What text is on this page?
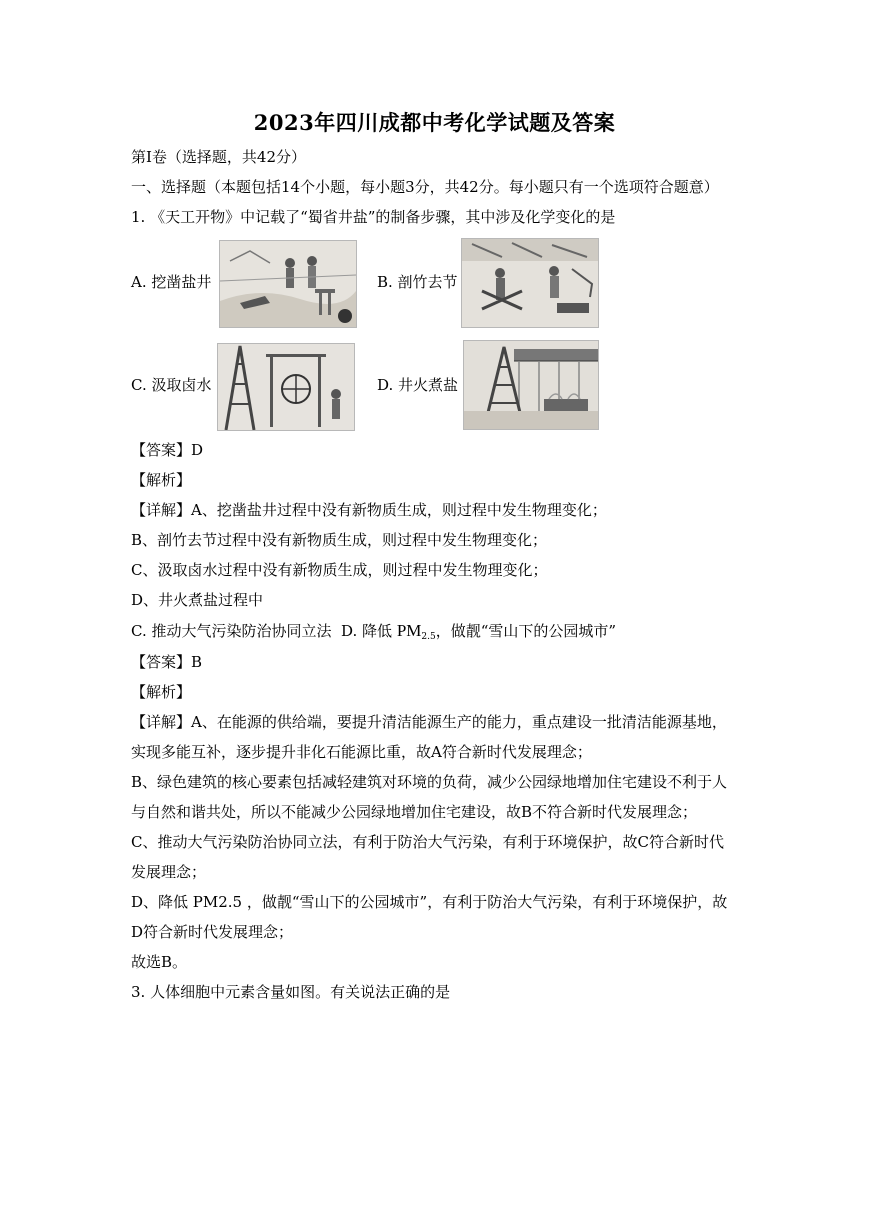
2023年四川成都中考化学试题及答案
第I卷（选择题，共42分）
一、选择题（本题包括14个小题，每小题3分，共42分。每小题只有一个选项符合题意）
1. 《天工开物》中记载了“蜀省井盐”的制备步骤，其中涉及化学变化的是
A. 挖凿盐井	B. 剖竹去节
C. 汲取卤水	D. 井火煮盐
【答案】D
【解析】
【详解】A、挖凿盐井过程中没有新物质生成，则过程中发生物理变化；
B、剖竹去节过程中没有新物质生成，则过程中发生物理变化；
C、汲取卤水过程中没有新物质生成，则过程中发生物理变化；
D、井火煮盐过程中
C. 推动大气污染防治协同立法 D. 降低 $PM_{2.5}$，做靓“雪山下的公园城市”
【答案】B
【解析】
【详解】A、在能源的供给端，要提升清洁能源生产的能力，重点建设一批清洁能源基地，
实现多能互补，逐步提升非化石能源比重，故A符合新时代发展理念；
B、绿色建筑的核心要素包括减轻建筑对环境的负荷，减少公园绿地增加住宅建设不利于人
与自然和谐共处，所以不能减少公园绿地增加住宅建设，故B不符合新时代发展理念；
C、推动大气污染防治协同立法，有利于防治大气污染，有利于环境保护，故C符合新时代
发展理念；
D、降低 PM2.5 ，做靓“雪山下的公园城市”，有利于防治大气污染，有利于环境保护，故
D符合新时代发展理念；
故选B。
3. 人体细胞中元素含量如图。有关说法正确的是
